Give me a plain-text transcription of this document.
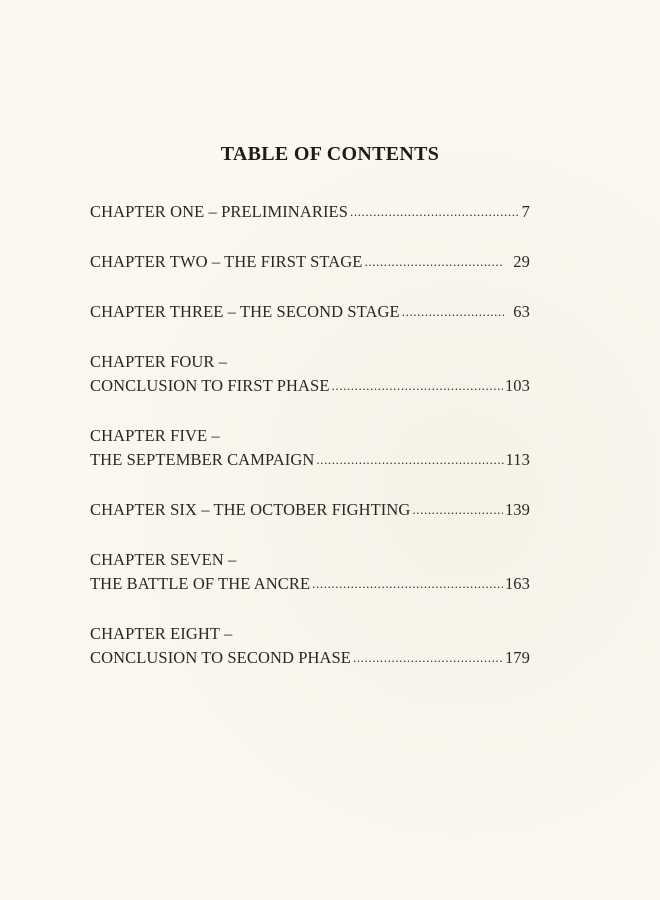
TABLE OF CONTENTS
CHAPTER ONE – PRELIMINARIES .....	7
CHAPTER TWO – THE FIRST STAGE .....	29
CHAPTER THREE – THE SECOND STAGE .....	63
CHAPTER FOUR –
CONCLUSION TO FIRST PHASE .....	103
CHAPTER FIVE –
THE SEPTEMBER CAMPAIGN .....	113
CHAPTER SIX – THE OCTOBER FIGHTING .....	139
CHAPTER SEVEN –
THE BATTLE OF THE ANCRE .....	163
CHAPTER EIGHT –
CONCLUSION TO SECOND PHASE .....	179
